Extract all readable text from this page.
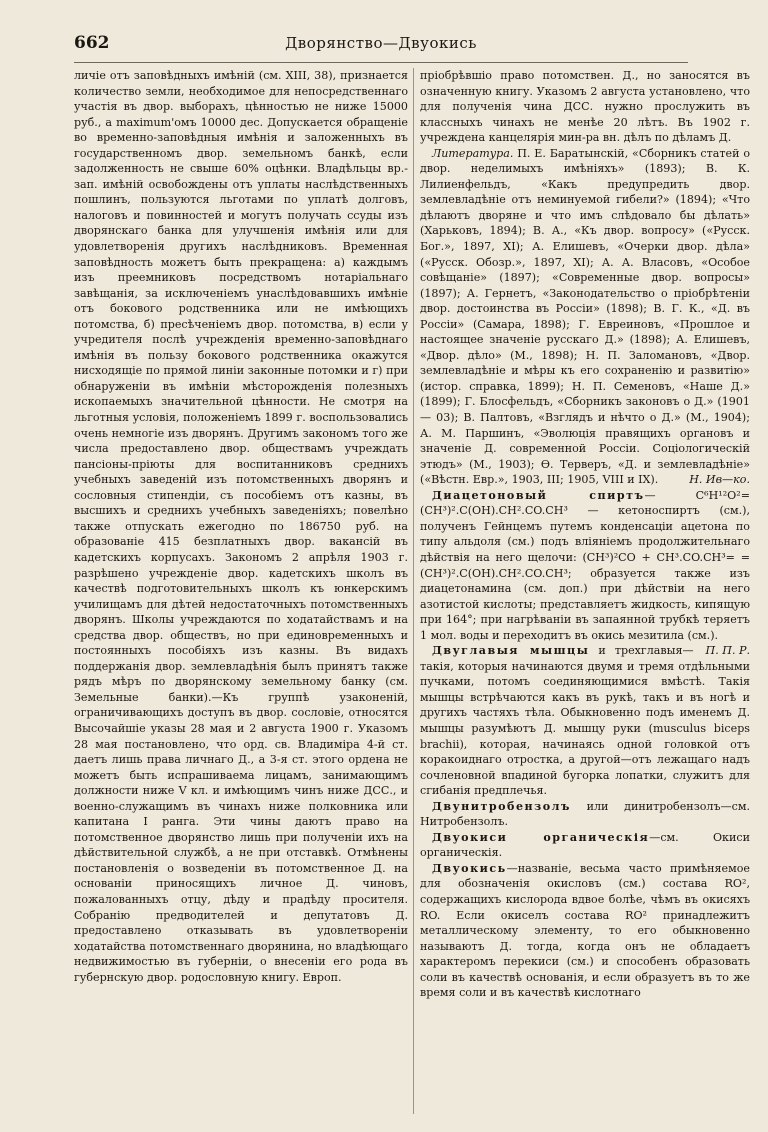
662	Дворянство—Двуокись

личіе отъ заповѣдныхъ имѣній (см. XIII, 38), признается количество земли, необходимое для непосредственнаго участія въ двор. выборахъ, цѣнностью не ниже 15000 руб., а maximum'омъ 10000 дес. Допускается обращеніе во временно-заповѣдныя имѣнія и заложенныхъ въ государственномъ двор. земельномъ банкѣ, если задолженность не свыше 60% оцѣнки. Владѣльцы вр.-зап. имѣній освобождены отъ уплаты наслѣдственныхъ пошлинъ, пользуются льготами по уплатѣ долговъ, налоговъ и повинностей и могутъ получать ссуды изъ дворянскаго банка для улучшенія имѣнія или для удовлетворенія другихъ наслѣдниковъ. Временная заповѣдность можетъ быть прекращена: а) каждымъ изъ преемниковъ посредствомъ нотаріальнаго завѣщанія, за исключеніемъ унаслѣдовавшихъ имѣніе отъ бокового родственника или не имѣющихъ потомства, б) пресѣченіемъ двор. потомства, в) если у учредителя послѣ учрежденія временно-заповѣднаго имѣнія въ пользу бокового родственника окажутся нисходящіе по прямой линіи законные потомки и г) при обнаруженіи въ имѣніи мѣсторожденія полезныхъ ископаемыхъ значительной цѣнности. Не смотря на льготныя условія, положеніемъ 1899 г. воспользовались очень немногіе изъ дворянъ. Другимъ закономъ того же числа предоставлено двор. обществамъ учреждать пансіоны-пріюты для воспитанниковъ среднихъ учебныхъ заведеній изъ потомственныхъ дворянъ и сословныя стипендіи, съ пособіемъ отъ казны, въ высшихъ и среднихъ учебныхъ заведеніяхъ; повелѣно также отпускать ежегодно по 186750 руб. на образованіе 415 безплатныхъ двор. вакансій въ кадетскихъ корпусахъ. Закономъ 2 апрѣля 1903 г. разрѣшено учрежденіе двор. кадетскихъ школъ въ качествѣ подготовительныхъ школъ къ юнкерскимъ училищамъ для дѣтей недостаточныхъ потомственныхъ дворянъ. Школы учреждаются по ходатайствамъ и на средства двор. обществъ, но при единовременныхъ и постоянныхъ пособіяхъ изъ казны. Въ видахъ поддержанія двор. землевладѣнія былъ принятъ также рядъ мѣръ по дворянскому земельному банку (см. Земельные банки).—Къ группѣ узаконеній, ограничивающихъ доступъ въ двор. сословіе, относятся Высочайшіе указы 28 мая и 2 августа 1900 г. Указомъ 28 мая постановлено, что орд. св. Владиміра 4-й ст. даетъ лишь права личнаго Д., а 3-я ст. этого ордена не можетъ быть испрашиваема лицамъ, занимающимъ должности ниже V кл. и имѣющимъ чинъ ниже ДСС., и военно-служащимъ въ чинахъ ниже полковника или капитана I ранга. Эти чины даютъ право на потомственное дворянство лишь при полученіи ихъ на дѣйствительной службѣ, а не при отставкѣ. Отмѣнены постановленія о возведеніи въ потомственное Д. на основаніи приносящихъ личное Д. чиновъ, пожалованныхъ отцу, дѣду и прадѣду просителя. Собранію предводителей и депутатовъ Д. предоставлено отказывать въ удовлетвореніи ходатайства потомственнаго дворянина, но владѣющаго недвижимостью въ губерніи, о внесеніи его рода въ губернскую двор. родословную книгу. Европ.

пріобрѣвшіо право потомствен. Д., но заносятся въ означенную книгу. Указомъ 2 августа установлено, что для полученія чина ДСС. нужно прослужить въ классныхъ чинахъ не менѣе 20 лѣтъ. Въ 1902 г. учреждена канцелярія мин-ра вн. дѣлъ по дѣламъ Д.

Литература. П. Е. Баратынскій, «Сборникъ статей о двор. неделимыхъ имѣніяхъ» (1893); В. К. Лилиенфельдъ, «Какъ предупредить двор. землевладѣніе отъ неминуемой гибели?» (1894); «Что дѣлаютъ дворяне и что имъ слѣдовало бы дѣлать» (Харьковъ, 1894); В. А., «Къ двор. вопросу» («Русск. Бог.», 1897, XI); А. Елишевъ, «Очерки двор. дѣла» («Русск. Обозр.», 1897, XI); А. А. Власовъ, «Особое совѣщаніе» (1897); «Современные двор. вопросы» (1897); А. Гернетъ, «Законодательство о пріобрѣтеніи двор. достоинства въ Россіи» (1898); В. Г. К., «Д. въ Россіи» (Самара, 1898); Г. Евреиновъ, «Прошлое и настоящее значеніе русскаго Д.» (1898); А. Елишевъ, «Двор. дѣло» (М., 1898); Н. П. Заломановъ, «Двор. землевладѣніе и мѣры къ его сохраненію и развитію» (истор. справка, 1899); Н. П. Семеновъ, «Наше Д.» (1899); Г. Блосфельдъ, «Сборникъ законовъ о Д.» (1901 — 03); В. Палтовъ, «Взглядъ и нѣчто о Д.» (М., 1904); А. М. Паршинъ, «Эволюція правящихъ органовъ и значеніе Д. современной Россіи. Соціологическій этюдъ» (М., 1903); Ѳ. Терверъ, «Д. и землевладѣніе» («Вѣстн. Евр.», 1903, III; 1905, VIII и IX).	Н. Ив—ко.

Диацетоновый спиртъ— C⁶H¹²O²=(CH³)².C(OH).CH².CO.CH³ — кетоноспиртъ (см.), полученъ Гейнцемъ путемъ конденсаціи ацетона по типу альдоля (см.) подъ вліяніемъ продолжительнаго дѣйствія на него щелочи: (CH³)²CO + CH³.CO.CH³= =(CH³)².C(OH).CH².CO.CH³; образуется также изъ диацетонамина (см. доп.) при дѣйствіи на него азотистой кислоты; представляетъ жидкость, кипящую при 164°; при нагрѣваніи въ запаянной трубкѣ теряетъ 1 мол. воды и переходитъ въ окись мезитила (см.).
П. П. Р.

Двуглавыя мышцы и трехглавыя— такія, которыя начинаются двумя и тремя отдѣльными пучками, потомъ соединяющимися вмѣстѣ. Такія мышцы встрѣчаются какъ въ рукѣ, такъ и въ ногѣ и другихъ частяхъ тѣла. Обыкновенно подъ именемъ Д. мышцы разумѣютъ Д. мышцу руки (musculus biceps brachii), которая, начинаясь одной головкой отъ коракоиднаго отростка, а другой—отъ лежащаго надъ сочленовной впадиной бугорка лопатки, служитъ для сгибанія предплечья.

Двунитробензолъ или динитробензолъ—см. Нитробензолъ.

Двуокиси органическія—см. Окиси органическія.

Двуокись—названіе, весьма часто примѣняемое для обозначенія окисловъ (см.) состава RO², содержащихъ кислорода вдвое болѣе, чѣмъ въ окисяхъ RO. Если окиселъ состава RO² принадлежитъ металлическому элементу, то его обыкновенно называютъ Д. тогда, когда онъ не обладаетъ характеромъ перекиси (см.) и способенъ образовать соли въ качествѣ основанія, и если образуетъ въ то же время соли и въ качествѣ кислотнаго
